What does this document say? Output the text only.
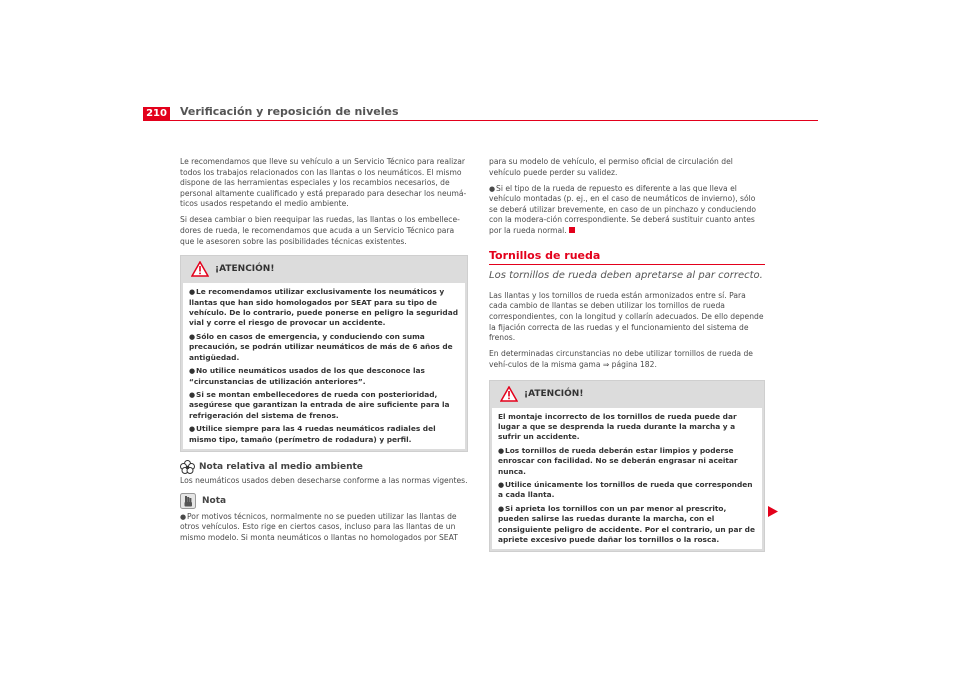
210 Verificación y reposición de niveles

Le recomendamos que lleve su vehículo a un Servicio Técnico para realizar todos los trabajos relacionados con las llantas o los neumáticos. El mismo dispone de las herramientas especiales y los recambios necesarios, de personal altamente cualificado y está preparado para desechar los neumá-ticos usados respetando el medio ambiente.

Si desea cambiar o bien reequipar las ruedas, las llantas o los embellece-dores de rueda, le recomendamos que acuda a un Servicio Técnico para que le asesoren sobre las posibilidades técnicas existentes.

¡ATENCIÓN!

●Le recomendamos utilizar exclusivamente los neumáticos y llantas que han sido homologados por SEAT para su tipo de vehículo. De lo contrario, puede ponerse en peligro la seguridad vial y corre el riesgo de provocar un accidente.

●Sólo en casos de emergencia, y conduciendo con suma precaución, se podrán utilizar neumáticos de más de 6 años de antigüedad.

●No utilice neumáticos usados de los que desconoce las “circunstancias de utilización anteriores”.

●Si se montan embellecedores de rueda con posterioridad, asegúrese que garantizan la entrada de aire suficiente para la refrigeración del sistema de frenos.

●Utilice siempre para las 4 ruedas neumáticos radiales del mismo tipo, tamaño (perímetro de rodadura) y perfil.

Nota relativa al medio ambiente

Los neumáticos usados deben desecharse conforme a las normas vigentes.

Nota

●Por motivos técnicos, normalmente no se pueden utilizar las llantas de otros vehículos. Esto rige en ciertos casos, incluso para las llantas de un mismo modelo. Si monta neumáticos o llantas no homologados por SEAT

para su modelo de vehículo, el permiso oficial de circulación del vehículo puede perder su validez.

●Si el tipo de la rueda de repuesto es diferente a las que lleva el vehículo montadas (p. ej., en el caso de neumáticos de invierno), sólo se deberá utilizar brevemente, en caso de un pinchazo y conduciendo con la modera-ción correspondiente. Se deberá sustituir cuanto antes por la rueda normal.

Tornillos de rueda
Los tornillos de rueda deben apretarse al par correcto.

Las llantas y los tornillos de rueda están armonizados entre sí. Para cada cambio de llantas se deben utilizar los tornillos de rueda correspondientes, con la longitud y collarín adecuados. De ello depende la fijación correcta de las ruedas y el funcionamiento del sistema de frenos.

En determinadas circunstancias no debe utilizar tornillos de rueda de vehí-culos de la misma gama ⇒ página 182.

¡ATENCIÓN!

El montaje incorrecto de los tornillos de rueda puede dar lugar a que se desprenda la rueda durante la marcha y a sufrir un accidente.

●Los tornillos de rueda deberán estar limpios y poderse enroscar con facilidad. No se deberán engrasar ni aceitar nunca.

●Utilice únicamente los tornillos de rueda que corresponden a cada llanta.

●Si aprieta los tornillos con un par menor al prescrito, pueden salirse las ruedas durante la marcha, con el consiguiente peligro de accidente. Por el contrario, un par de apriete excesivo puede dañar los tornillos o la rosca.
